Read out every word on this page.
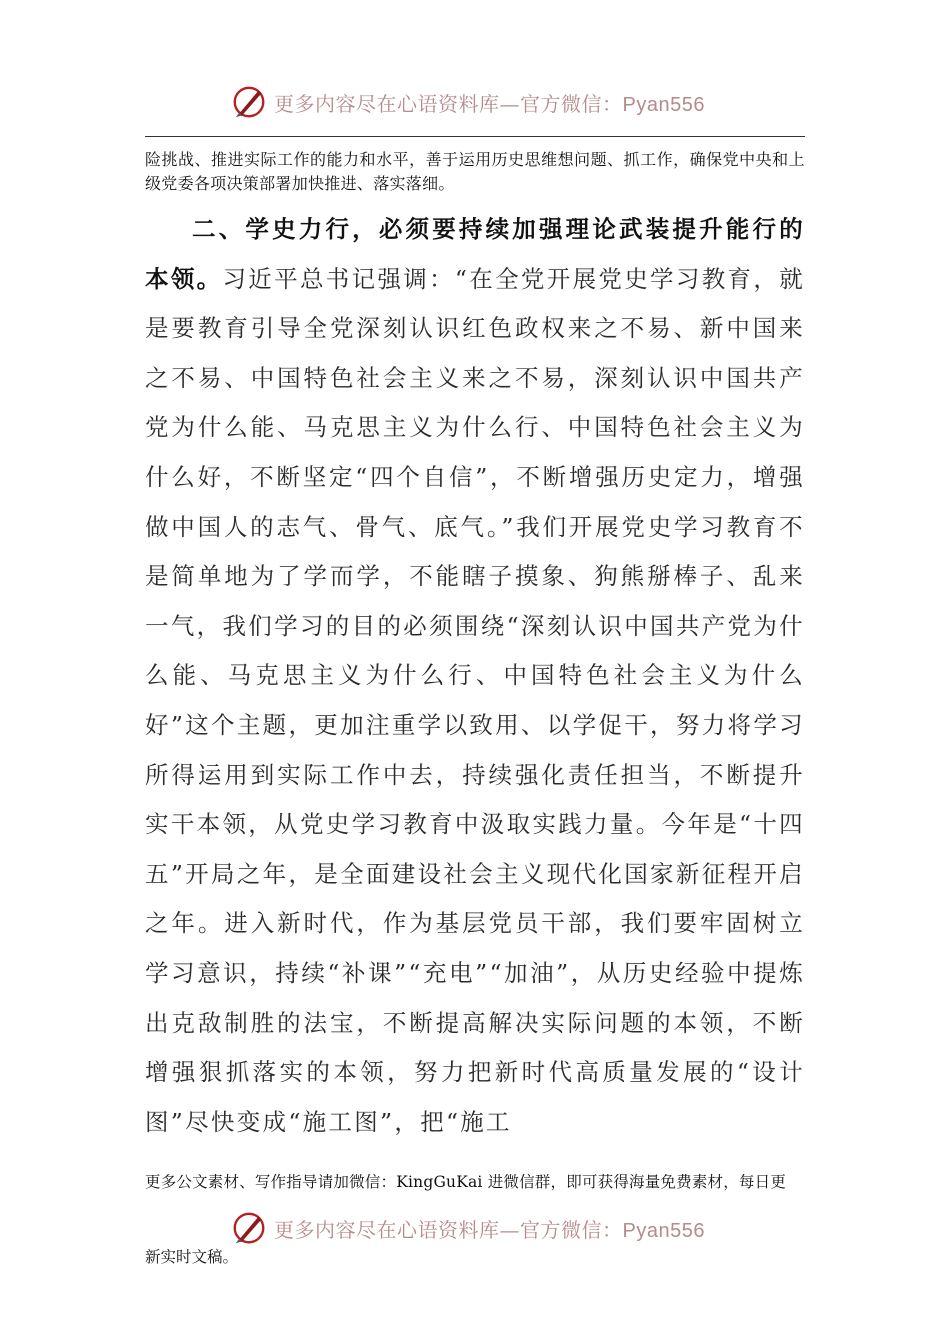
更多内容尽在心语资料库—官方微信：Pyan556
险挑战、推进实际工作的能力和水平，善于运用历史思维想问题、抓工作，确保党中央和上级党委各项决策部署加快推进、落实落细。
二、学史力行，必须要持续加强理论武装提升能行的本领。习近平总书记强调：“在全党开展党史学习教育，就是要教育引导全党深刻认识红色政权来之不易、新中国来之不易、中国特色社会主义来之不易，深刻认识中国共产党为什么能、马克思主义为什么行、中国特色社会主义为什么好，不断坚定“四个自信”，不断增强历史定力，增强做中国人的志气、骨气、底气。”我们开展党史学习教育不是简单地为了学而学，不能瞎子摸象、狗熊掰棒子、乱来一气，我们学习的目的必须围绕“深刻认识中国共产党为什么能、马克思主义为什么行、中国特色社会主义为什么好”这个主题，更加注重学以致用、以学促干，努力将学习所得运用到实际工作中去，持续强化责任担当，不断提升实干本领，从党史学习教育中汲取实践力量。今年是“十四五”开局之年，是全面建设社会主义现代化国家新征程开启之年。进入新时代，作为基层党员干部，我们要牢固树立学习意识，持续“补课”“充电”“加油”，从历史经验中提炼出克敌制胜的法宝，不断提高解决实际问题的本领，不断增强狠抓落实的本领，努力把新时代高质量发展的“设计图”尽快变成“施工图”，把“施工
更多公文素材、写作指导请加微信：KingGuKai 进微信群，即可获得海量免费素材，每日更
更多内容尽在心语资料库—官方微信：Pyan556
新实时文稿。
